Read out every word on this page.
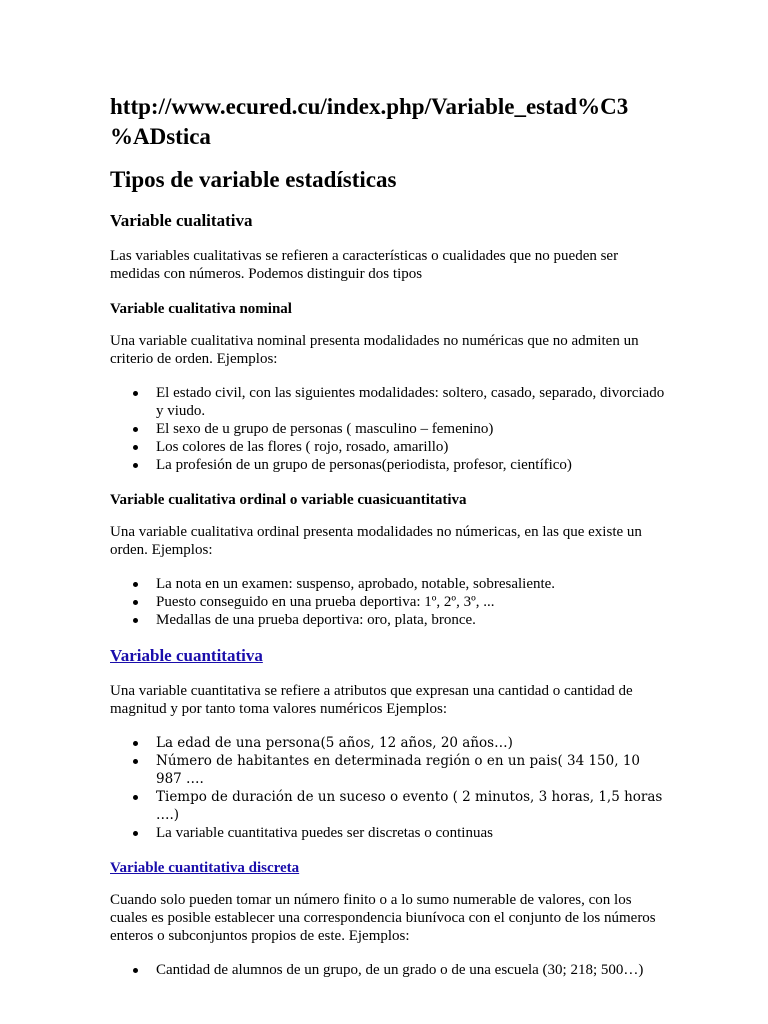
http://www.ecured.cu/index.php/Variable_estad%C3
%ADstica
Tipos de variable estadísticas
Variable cualitativa

Las variables cualitativas se refieren a características o cualidades que no pueden ser medidas con números. Podemos distinguir dos tipos

Variable cualitativa nominal

Una variable cualitativa nominal presenta modalidades no numéricas que no admiten un criterio de orden. Ejemplos:

El estado civil, con las siguientes modalidades: soltero, casado, separado, divorciado y viudo.
El sexo de u grupo de personas ( masculino – femenino)
Los colores de las flores ( rojo, rosado, amarillo)
La profesión de un grupo de personas(periodista, profesor, científico)
Variable cualitativa ordinal o variable cuasicuantitativa

Una variable cualitativa ordinal presenta modalidades no númericas, en las que existe un orden. Ejemplos:

La nota en un examen: suspenso, aprobado, notable, sobresaliente.
Puesto conseguido en una prueba deportiva: 1º, 2º, 3º, ...
Medallas de una prueba deportiva: oro, plata, bronce.
Variable cuantitativa

Una variable cuantitativa se refiere a atributos que expresan una cantidad o cantidad de magnitud y por tanto toma valores numéricos Ejemplos:

La edad de una persona(5 años, 12 años, 20 años…)
Número de habitantes en determinada región o en un pais( 34 150, 10 987 ….
Tiempo de duración de un suceso o evento ( 2 minutos, 3 horas, 1,5 horas ….)
La variable cuantitativa puedes ser discretas o continuas
Variable cuantitativa discreta

Cuando solo pueden tomar un número finito o a lo sumo numerable de valores, con los cuales es posible establecer una correspondencia biunívoca con el conjunto de los números enteros o subconjuntos propios de este. Ejemplos:

Cantidad de alumnos de un grupo, de un grado o de una escuela (30; 218; 500…)
